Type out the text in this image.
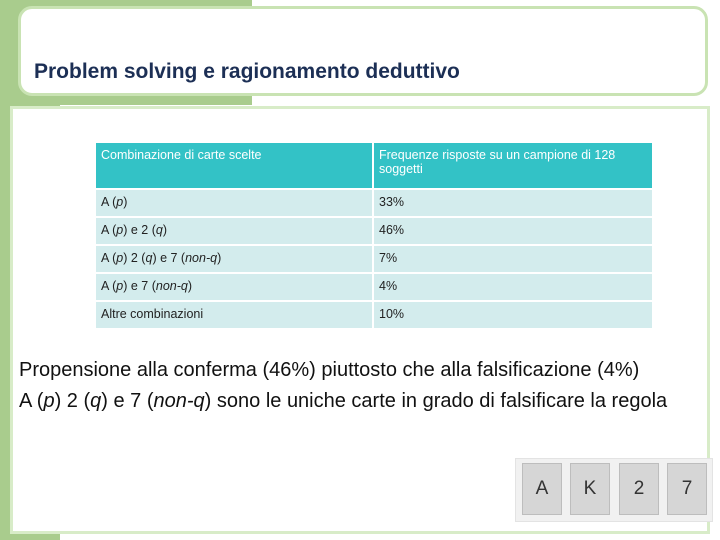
Problem solving e ragionamento deduttivo
Combinazione di carte scelte	Frequenze risposte su un campione di 128 soggetti
A (p)	33%
A (p) e 2 (q)	46%
A (p) 2 (q) e 7 (non-q)	7%
A (p) e 7 (non-q)	4%
Altre combinazioni	10%

Propensione alla conferma (46%) piuttosto che alla falsificazione (4%)

A (p) 2 (q) e 7 (non-q) sono le uniche carte in grado di falsificare la regola

A	K	2	7
